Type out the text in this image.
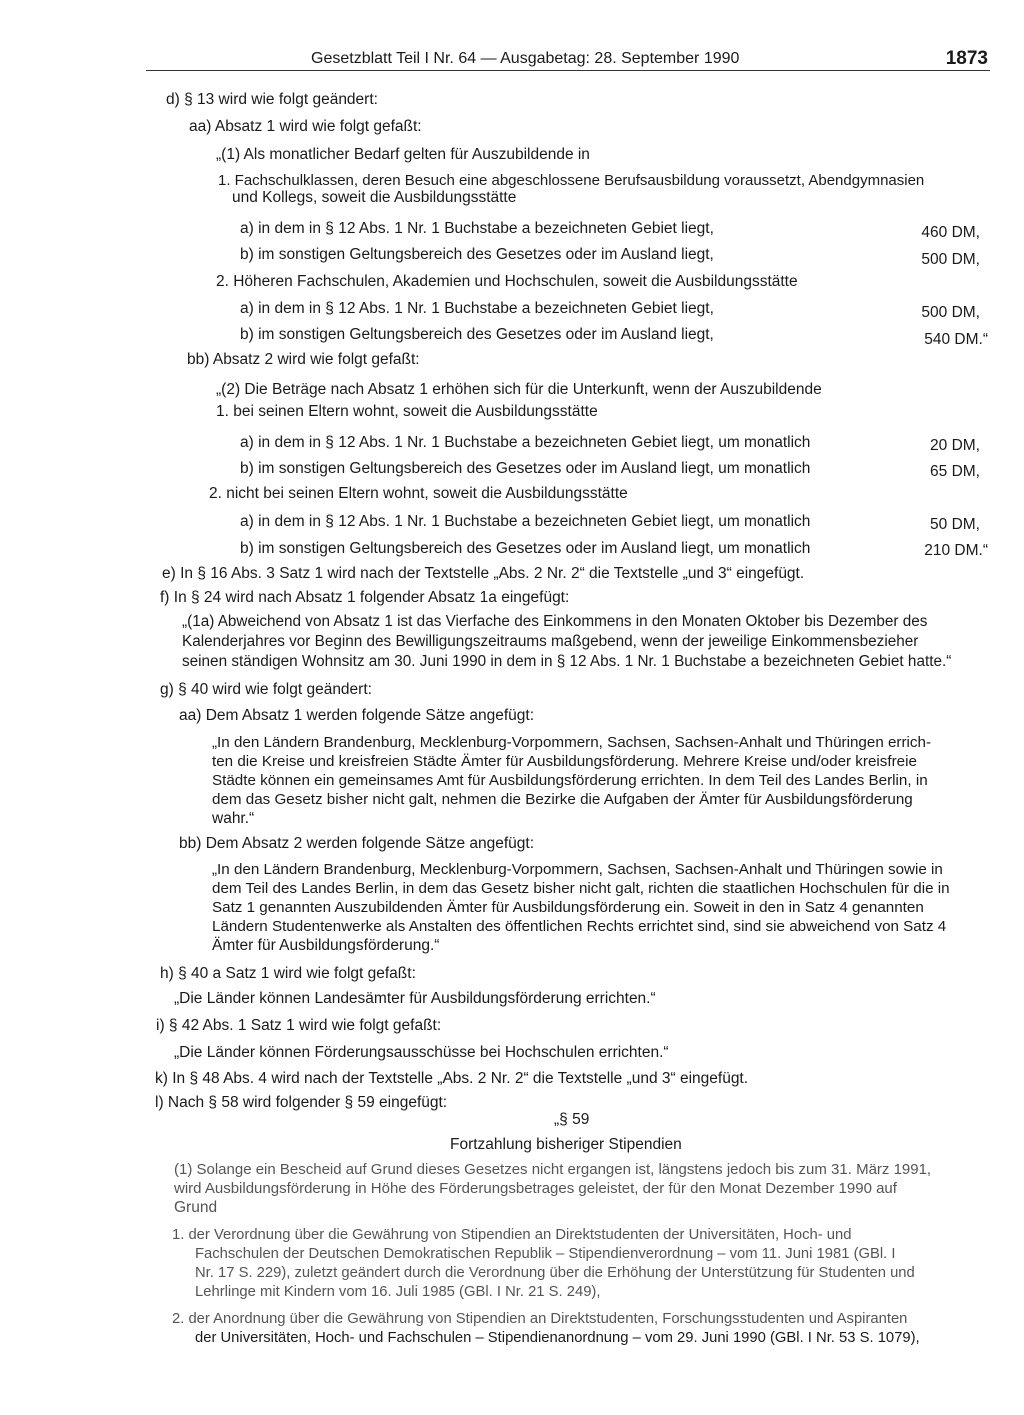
Gesetzblatt Teil I Nr. 64 — Ausgabetag: 28. September 1990	1873
d) § 13 wird wie folgt geändert:
aa) Absatz 1 wird wie folgt gefaßt:
„(1) Als monatlicher Bedarf gelten für Auszubildende in
1. Fachschulklassen, deren Besuch eine abgeschlossene Berufsausbildung voraussetzt, Abendgymnasien
und Kollegs, soweit die Ausbildungsstätte
a) in dem in § 12 Abs. 1 Nr. 1 Buchstabe a bezeichneten Gebiet liegt,	460 DM,
b) im sonstigen Geltungsbereich des Gesetzes oder im Ausland liegt,	500 DM,
2. Höheren Fachschulen, Akademien und Hochschulen, soweit die Ausbildungsstätte
a) in dem in § 12 Abs. 1 Nr. 1 Buchstabe a bezeichneten Gebiet liegt,	500 DM,
b) im sonstigen Geltungsbereich des Gesetzes oder im Ausland liegt,	540 DM.“
bb) Absatz 2 wird wie folgt gefaßt:
„(2) Die Beträge nach Absatz 1 erhöhen sich für die Unterkunft, wenn der Auszubildende
1. bei seinen Eltern wohnt, soweit die Ausbildungsstätte
a) in dem in § 12 Abs. 1 Nr. 1 Buchstabe a bezeichneten Gebiet liegt, um monatlich	20 DM,
b) im sonstigen Geltungsbereich des Gesetzes oder im Ausland liegt, um monatlich	65 DM,
2. nicht bei seinen Eltern wohnt, soweit die Ausbildungsstätte
a) in dem in § 12 Abs. 1 Nr. 1 Buchstabe a bezeichneten Gebiet liegt, um monatlich	50 DM,
b) im sonstigen Geltungsbereich des Gesetzes oder im Ausland liegt, um monatlich	210 DM.“
e) In § 16 Abs. 3 Satz 1 wird nach der Textstelle „Abs. 2 Nr. 2“ die Textstelle „und 3“ eingefügt.
f) In § 24 wird nach Absatz 1 folgender Absatz 1a eingefügt:
„(1a) Abweichend von Absatz 1 ist das Vierfache des Einkommens in den Monaten Oktober bis Dezember des
Kalenderjahres vor Beginn des Bewilligungszeitraums maßgebend, wenn der jeweilige Einkommensbezieher
seinen ständigen Wohnsitz am 30. Juni 1990 in dem in § 12 Abs. 1 Nr. 1 Buchstabe a bezeichneten Gebiet hatte.“
g) § 40 wird wie folgt geändert:
aa) Dem Absatz 1 werden folgende Sätze angefügt:
„In den Ländern Brandenburg, Mecklenburg-Vorpommern, Sachsen, Sachsen-Anhalt und Thüringen errich-
ten die Kreise und kreisfreien Städte Ämter für Ausbildungsförderung. Mehrere Kreise und/oder kreisfreie
Städte können ein gemeinsames Amt für Ausbildungsförderung errichten. In dem Teil des Landes Berlin, in
dem das Gesetz bisher nicht galt, nehmen die Bezirke die Aufgaben der Ämter für Ausbildungsförderung
wahr.“
bb) Dem Absatz 2 werden folgende Sätze angefügt:
„In den Ländern Brandenburg, Mecklenburg-Vorpommern, Sachsen, Sachsen-Anhalt und Thüringen sowie in
dem Teil des Landes Berlin, in dem das Gesetz bisher nicht galt, richten die staatlichen Hochschulen für die in
Satz 1 genannten Auszubildenden Ämter für Ausbildungsförderung ein. Soweit in den in Satz 4 genannten
Ländern Studentenwerke als Anstalten des öffentlichen Rechts errichtet sind, sind sie abweichend von Satz 4
Ämter für Ausbildungsförderung.“
h) § 40 a Satz 1 wird wie folgt gefaßt:
„Die Länder können Landesämter für Ausbildungsförderung errichten.“
i) § 42 Abs. 1 Satz 1 wird wie folgt gefaßt:
„Die Länder können Förderungsausschüsse bei Hochschulen errichten.“
k) In § 48 Abs. 4 wird nach der Textstelle „Abs. 2 Nr. 2“ die Textstelle „und 3“ eingefügt.
l) Nach § 58 wird folgender § 59 eingefügt:
„§ 59
Fortzahlung bisheriger Stipendien
(1) Solange ein Bescheid auf Grund dieses Gesetzes nicht ergangen ist, längstens jedoch bis zum 31. März 1991,
wird Ausbildungsförderung in Höhe des Förderungsbetrages geleistet, der für den Monat Dezember 1990 auf
Grund
1. der Verordnung über die Gewährung von Stipendien an Direktstudenten der Universitäten, Hoch- und
Fachschulen der Deutschen Demokratischen Republik – Stipendienverordnung – vom 11. Juni 1981 (GBl. I
Nr. 17 S. 229), zuletzt geändert durch die Verordnung über die Erhöhung der Unterstützung für Studenten und
Lehrlinge mit Kindern vom 16. Juli 1985 (GBl. I Nr. 21 S. 249),
2. der Anordnung über die Gewährung von Stipendien an Direktstudenten, Forschungsstudenten und Aspiranten
der Universitäten, Hoch- und Fachschulen – Stipendienanordnung – vom 29. Juni 1990 (GBl. I Nr. 53 S. 1079),
